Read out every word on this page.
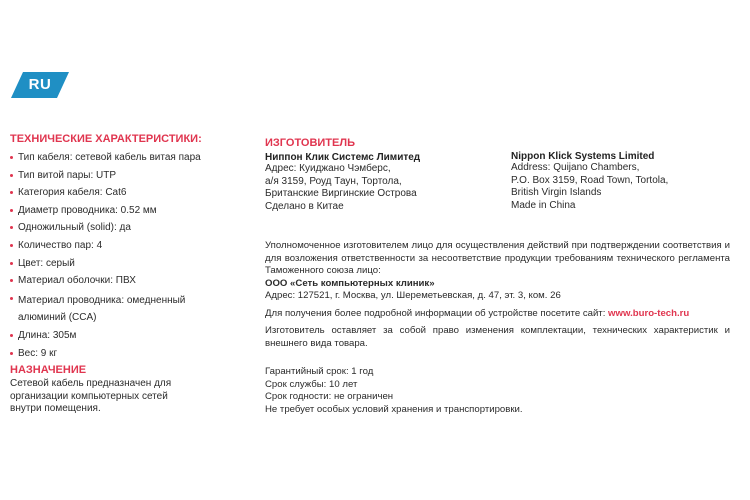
RU
ТЕХНИЧЕСКИЕ ХАРАКТЕРИСТИКИ:
Тип кабеля: сетевой кабель витая пара
Тип витой пары: UTP
Категория кабеля: Cat6
Диаметр проводника: 0.52 мм
Одножильный (solid): да
Количество пар: 4
Цвет: серый
Материал оболочки: ПВХ
Материал проводника: омедненный алюминий (CCA)
Длина: 305м
Вес: 9 кг
НАЗНАЧЕНИЕ
Сетевой кабель предназначен для
организации компьютерных сетей
внутри помещения.
ИЗГОТОВИТЕЛЬ
Ниппон Клик Системс Лимитед
Адрес: Куиджано Чэмберс,
а/я 3159, Роуд Таун, Тортола,
Британские Виргинские Острова
Сделано в Китае
Nippon Klick Systems Limited
Address: Quijano Chambers,
P.O. Box 3159, Road Town, Tortola,
British Virgin Islands
Made in China

Уполномоченное изготовителем лицо для осуществления действий при подтверждении соответствия и для возложения ответственности за несоответствие продукции требованиям технического регламента Таможенного союза лицо:

ООО «Сеть компьютерных клиник»

Адрес: 127521, г. Москва, ул. Шереметьевская, д. 47, эт. 3, ком. 26

Для получения более подробной информации об устройстве посетите сайт: www.buro-tech.ru

Изготовитель оставляет за собой право изменения комплектации, технических характеристик и внешнего вида товара.

Гарантийный срок: 1 год

Срок службы: 10 лет

Срок годности: не ограничен

Не требует особых условий хранения и транспортировки.
